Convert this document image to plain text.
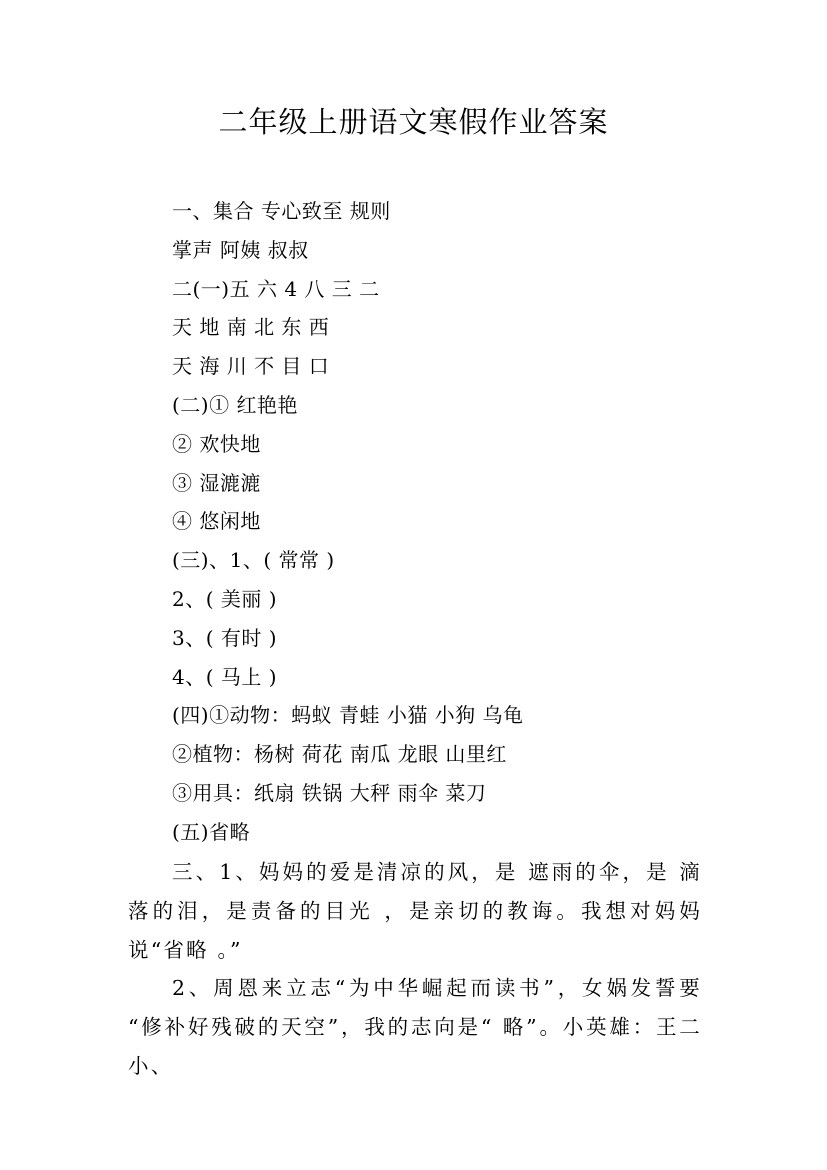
二年级上册语文寒假作业答案
一、集合 专心致至 规则
掌声 阿姨 叔叔
二(一)五 六 4 八 三 二
天 地 南 北 东 西
天 海 川 不 目 口
(二)① 红艳艳
② 欢快地
③ 湿漉漉
④ 悠闲地
(三)、1、( 常常 )
2、( 美丽 )
3、( 有时 )
4、( 马上 )
(四)①动物：蚂蚁 青蛙 小猫 小狗 乌龟
②植物：杨树 荷花 南瓜 龙眼 山里红
③用具：纸扇 铁锅 大秤 雨伞 菜刀
(五)省略

三、1、妈妈的爱是清凉的风，是 遮雨的伞，是 滴落的泪，是责备的目光 ，是亲切的教诲。我想对妈妈说“省略 。”

2、周恩来立志“为中华崛起而读书”，女娲发誓要 “修补好残破的天空”，我的志向是“ 略”。小英雄：王二小、
